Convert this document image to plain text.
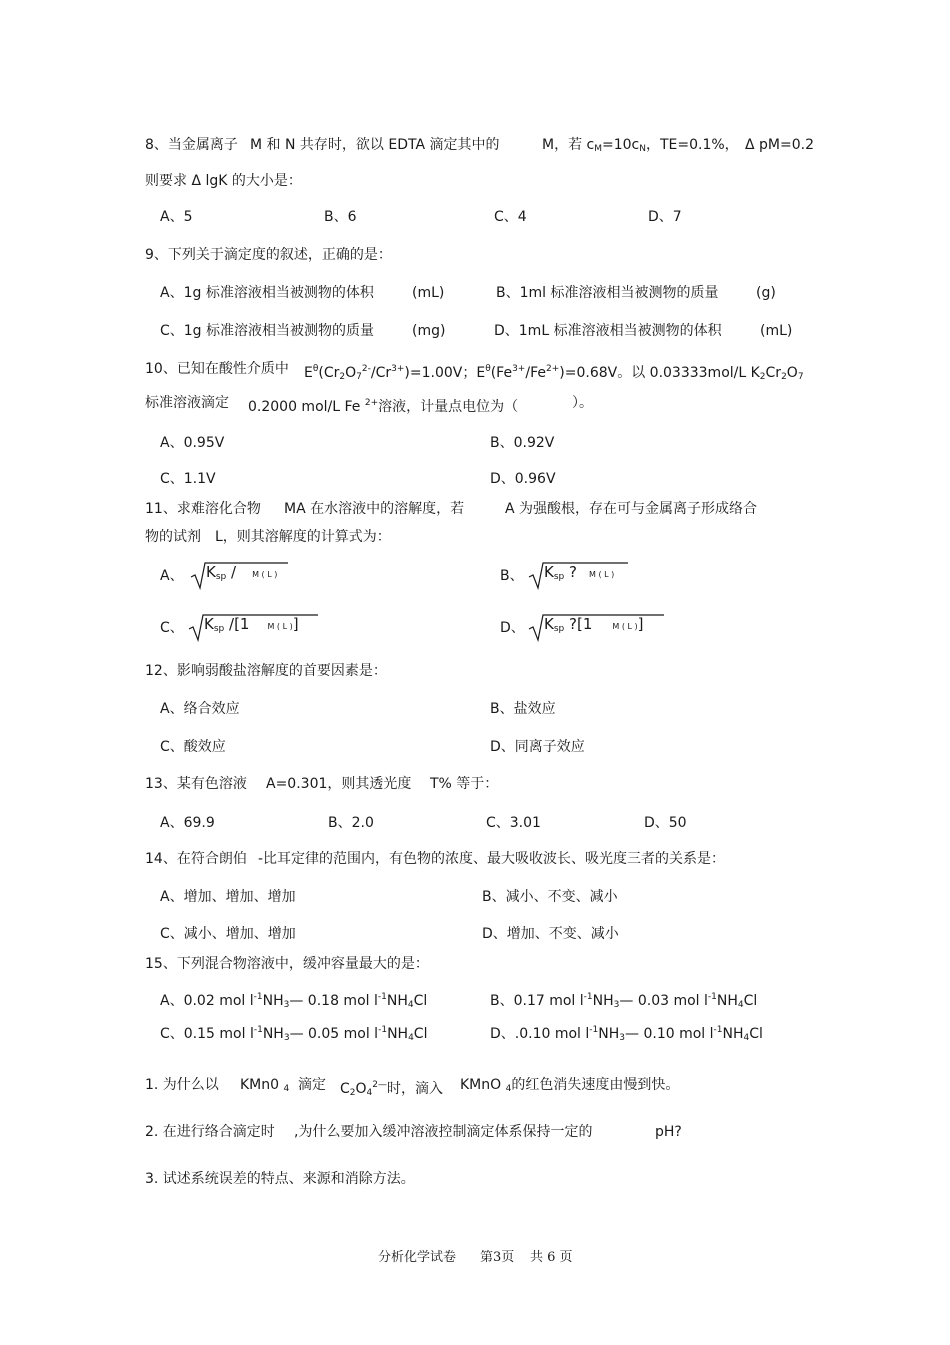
8、当金属离子 M 和 N 共存时，欲以 EDTA 滴定其中的	M，若 $c_M=10c_N$，TE=0.1%， Δ pM=0.2
则要求 Δ lgK 的大小是：
A、5	B、6	C、4	D、7
9、下列关于滴定度的叙述，正确的是：
A、1g 标准溶液相当被测物的体积	(mL)	B、1ml 标准溶液相当被测物的质量	(g)
C、1g 标准溶液相当被测物的质量	(mg)	D、1mL 标准溶液相当被测物的体积	(mL)
10、已知在酸性介质中 $E^\theta(Cr_2O_7^{2-}/Cr^{3+})=1.00V$；$E^\theta(Fe^{3+}/Fe^{2+})=0.68V$。以 0.03333mol/L $K_2Cr_2O_7$
标准溶液滴定 0.2000 mol/L Fe $^{2+}$溶液，计量点电位为（	）。
A、0.95V	B、0.92V
C、1.1V	D、0.96V
11、求难溶化合物 MA 在水溶液中的溶解度，若	A 为强酸根，存在可与金属离子形成络合
物的试剂 L，则其溶解度的计算式为：
A、 $K_{sp}$ / M ( L )	B、 $K_{sp}$ ? M ( L )
C、 $K_{sp}$ /[1 M ( L )]	D、 $K_{sp}$ ?[1	M ( L )]
12、影响弱酸盐溶解度的首要因素是：
A、络合效应	B、盐效应
C、酸效应	D、同离子效应
13、某有色溶液 A=0.301，则其透光度 T% 等于：
A、69.9	B、2.0	C、3.01	D、50
14、在符合朗伯 -比耳定律的范围内，有色物的浓度、最大吸收波长、吸光度三者的关系是：
A、增加、增加、增加	B、减小、不变、减小
C、减小、增加、增加	D、增加、不变、减小
15、下列混合物溶液中，缓冲容量最大的是：
A、0.02 mol $l^{-1}NH_3—$ 0.18 mol $l^{-1}NH_4Cl$	B、0.17 mol $l^{-1}NH_3—$ 0.03 mol $l^{-1}NH_4Cl$
C、0.15 mol $l^{-1}NH_3—$ 0.05 mol $l^{-1}NH_4Cl$	D、.0.10 mol $l^{-1}NH_3—$ 0.10 mol $l^{-1}NH_4Cl$
1. 为什么以 KMn0 $_4$ 滴定 $C_2O_4^{2—}$时，滴入 KMnO $_4$的红色消失速度由慢到快。
2. 在进行络合滴定时 ,为什么要加入缓冲溶液控制滴定体系保持一定的	pH?
3. 试述系统误差的特点、来源和消除方法。
分析化学试卷 第3页 共 6 页
